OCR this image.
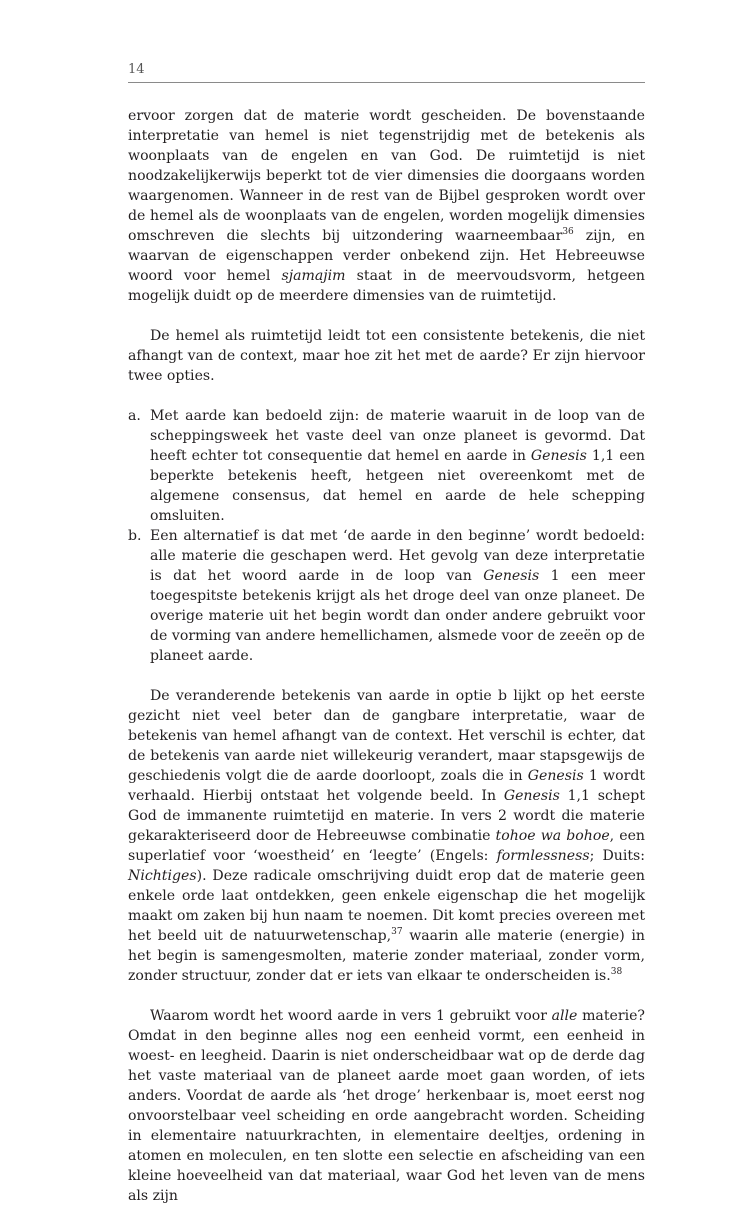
14

ervoor zorgen dat de materie wordt gescheiden. De bovenstaande interpretatie van hemel is niet tegenstrijdig met de betekenis als woonplaats van de engelen en van God. De ruimtetijd is niet noodzakelijkerwijs beperkt tot de vier dimensies die doorgaans worden waargenomen. Wanneer in de rest van de Bijbel gesproken wordt over de hemel als de woonplaats van de engelen, worden mogelijk dimensies omschreven die slechts bij uitzondering waarneembaar$^{36}$ zijn, en waarvan de eigenschappen verder onbekend zijn. Het Hebreeuwse woord voor hemel sjamajim staat in de meervoudsvorm, hetgeen mogelijk duidt op de meerdere dimensies van de ruimtetijd.

De hemel als ruimtetijd leidt tot een consistente betekenis, die niet afhangt van de context, maar hoe zit het met de aarde? Er zijn hiervoor twee opties.

a. Met aarde kan bedoeld zijn: de materie waaruit in de loop van de scheppingsweek het vaste deel van onze planeet is gevormd. Dat heeft echter tot consequentie dat hemel en aarde in Genesis 1,1 een beperkte betekenis heeft, hetgeen niet overeenkomt met de algemene consensus, dat hemel en aarde de hele schepping omsluiten.

b. Een alternatief is dat met ‘de aarde in den beginne’ wordt bedoeld: alle materie die geschapen werd. Het gevolg van deze interpretatie is dat het woord aarde in de loop van Genesis 1 een meer toegespitste betekenis krijgt als het droge deel van onze planeet. De overige materie uit het begin wordt dan onder andere gebruikt voor de vorming van andere hemellichamen, alsmede voor de zeeën op de planeet aarde.

De veranderende betekenis van aarde in optie b lijkt op het eerste gezicht niet veel beter dan de gangbare interpretatie, waar de betekenis van hemel afhangt van de context. Het verschil is echter, dat de betekenis van aarde niet willekeurig verandert, maar stapsgewijs de geschiedenis volgt die de aarde doorloopt, zoals die in Genesis 1 wordt verhaald. Hierbij ontstaat het volgende beeld. In Genesis 1,1 schept God de immanente ruimtetijd en materie. In vers 2 wordt die materie gekarakteriseerd door de Hebreeuwse combinatie tohoe wa bohoe, een superlatief voor ‘woestheid’ en ‘leegte’ (Engels: formlessness; Duits: Nichtiges). Deze radicale omschrijving duidt erop dat de materie geen enkele orde laat ontdekken, geen enkele eigenschap die het mogelijk maakt om zaken bij hun naam te noemen. Dit komt precies overeen met het beeld uit de natuurwetenschap,$^{37}$ waarin alle materie (energie) in het begin is samengesmolten, materie zonder materiaal, zonder vorm, zonder structuur, zonder dat er iets van elkaar te onderscheiden is.$^{38}$

Waarom wordt het woord aarde in vers 1 gebruikt voor alle materie? Omdat in den beginne alles nog een eenheid vormt, een eenheid in woest- en leegheid. Daarin is niet onderscheidbaar wat op de derde dag het vaste materiaal van de planeet aarde moet gaan worden, of iets anders. Voordat de aarde als ‘het droge’ herkenbaar is, moet eerst nog onvoorstelbaar veel scheiding en orde aangebracht worden. Scheiding in elementaire natuurkrachten, in elementaire deeltjes, ordening in atomen en moleculen, en ten slotte een selectie en afscheiding van een kleine hoeveelheid van dat materiaal, waar God het leven van de mens als zijn
